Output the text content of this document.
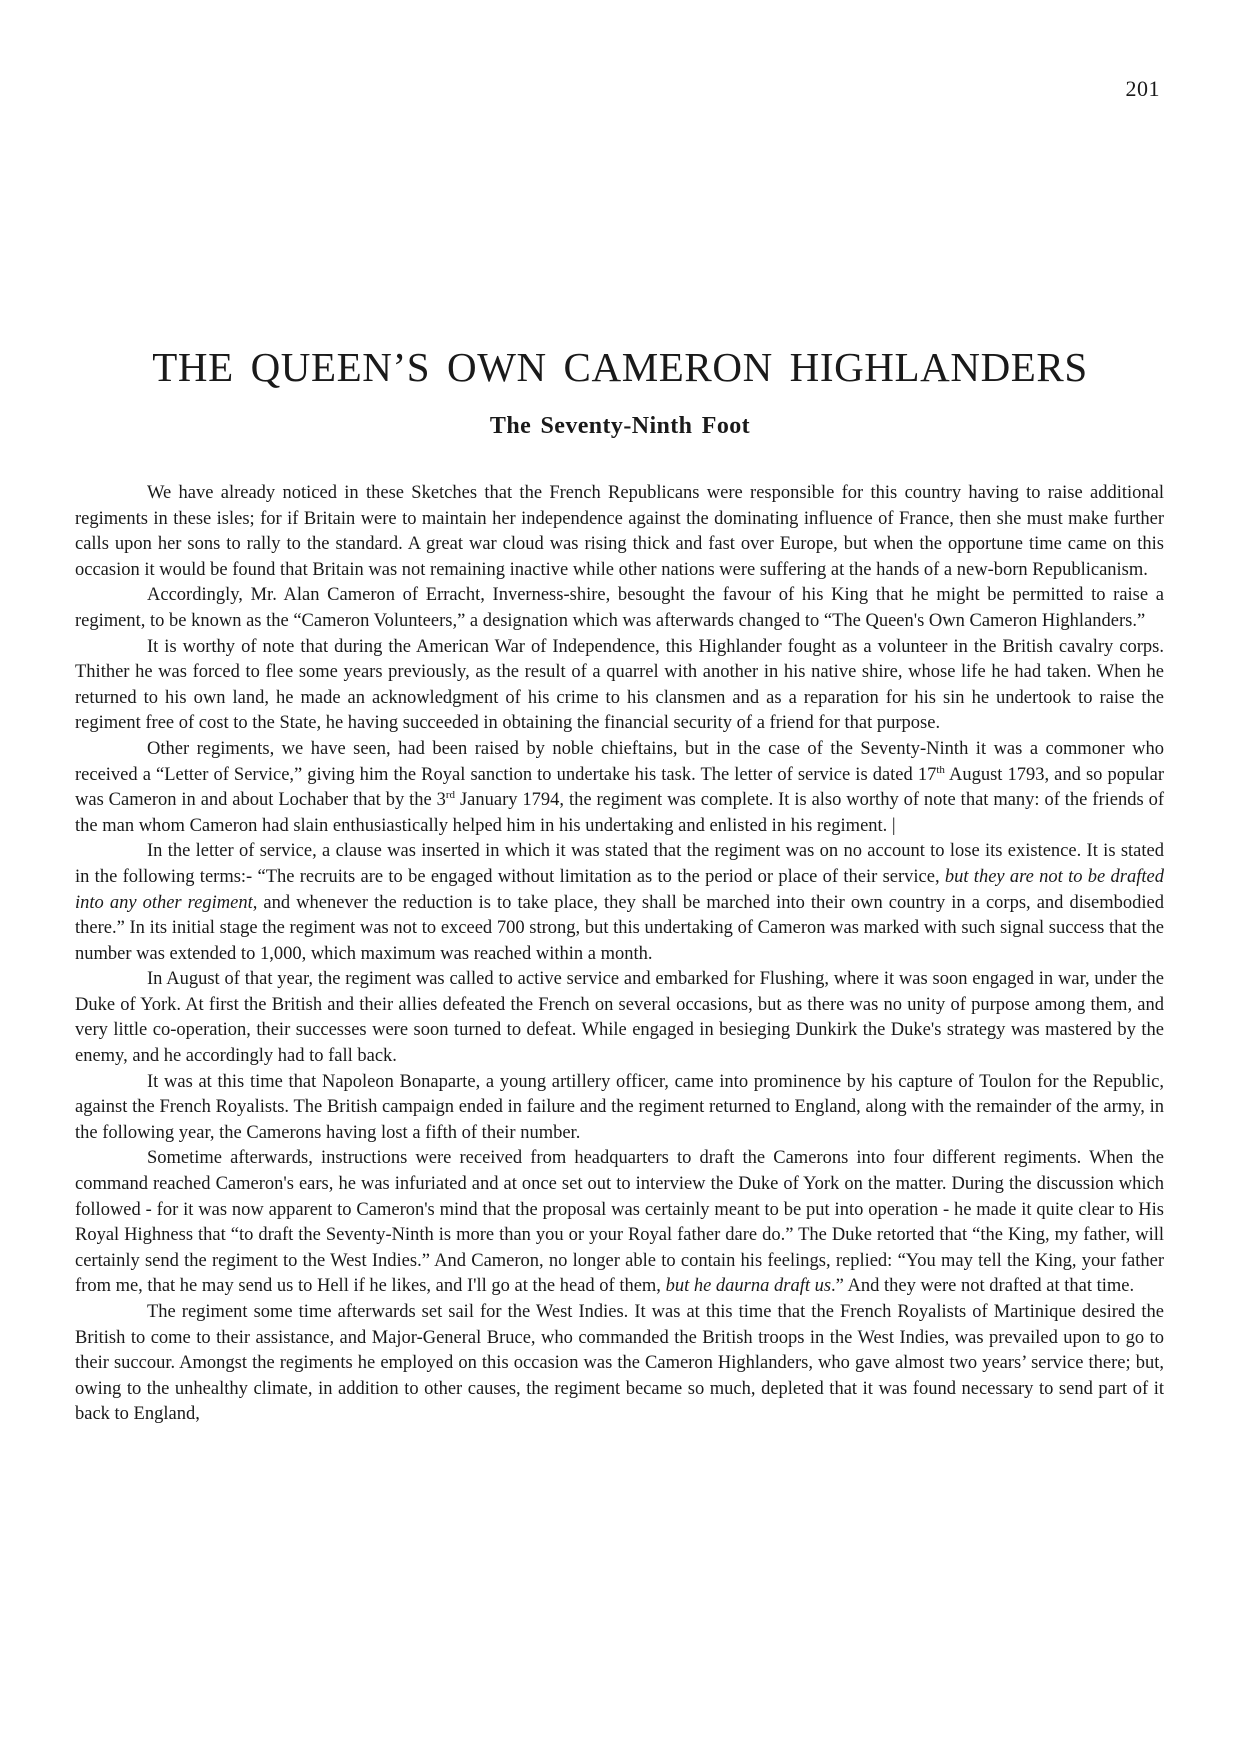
201
THE QUEEN’S OWN CAMERON HIGHLANDERS
The Seventy-Ninth Foot

We have already noticed in these Sketches that the French Republicans were responsible for this country having to raise additional regiments in these isles; for if Britain were to maintain her independence against the dominating influence of France, then she must make further calls upon her sons to rally to the standard. A great war cloud was rising thick and fast over Europe, but when the opportune time came on this occasion it would be found that Britain was not remaining inactive while other nations were suffering at the hands of a new-born Republicanism.

Accordingly, Mr. Alan Cameron of Erracht, Inverness-shire, besought the favour of his King that he might be permitted to raise a regiment, to be known as the “Cameron Volunteers,” a designation which was afterwards changed to “The Queen's Own Cameron Highlanders.”

It is worthy of note that during the American War of Independence, this Highlander fought as a volunteer in the British cavalry corps. Thither he was forced to flee some years previously, as the result of a quarrel with another in his native shire, whose life he had taken. When he returned to his own land, he made an acknowledgment of his crime to his clansmen and as a reparation for his sin he undertook to raise the regiment free of cost to the State, he having succeeded in obtaining the financial security of a friend for that purpose.

Other regiments, we have seen, had been raised by noble chieftains, but in the case of the Seventy-Ninth it was a commoner who received a “Letter of Service,” giving him the Royal sanction to undertake his task. The letter of service is dated 17th August 1793, and so popular was Cameron in and about Lochaber that by the 3rd January 1794, the regiment was complete. It is also worthy of note that many: of the friends of the man whom Cameron had slain enthusiastically helped him in his undertaking and enlisted in his regiment. |

In the letter of service, a clause was inserted in which it was stated that the regiment was on no account to lose its existence. It is stated in the following terms:- “The recruits are to be engaged without limitation as to the period or place of their service, but they are not to be drafted into any other regiment, and whenever the reduction is to take place, they shall be marched into their own country in a corps, and disembodied there.” In its initial stage the regiment was not to exceed 700 strong, but this undertaking of Cameron was marked with such signal success that the number was extended to 1,000, which maximum was reached within a month.

In August of that year, the regiment was called to active service and embarked for Flushing, where it was soon engaged in war, under the Duke of York. At first the British and their allies defeated the French on several occasions, but as there was no unity of purpose among them, and very little co-operation, their successes were soon turned to defeat. While engaged in besieging Dunkirk the Duke's strategy was mastered by the enemy, and he accordingly had to fall back.

It was at this time that Napoleon Bonaparte, a young artillery officer, came into prominence by his capture of Toulon for the Republic, against the French Royalists. The British campaign ended in failure and the regiment returned to England, along with the remainder of the army, in the following year, the Camerons having lost a fifth of their number.

Sometime afterwards, instructions were received from headquarters to draft the Camerons into four different regiments. When the command reached Cameron's ears, he was infuriated and at once set out to interview the Duke of York on the matter. During the discussion which followed - for it was now apparent to Cameron's mind that the proposal was certainly meant to be put into operation - he made it quite clear to His Royal Highness that “to draft the Seventy-Ninth is more than you or your Royal father dare do.” The Duke retorted that “the King, my father, will certainly send the regiment to the West Indies.” And Cameron, no longer able to contain his feelings, replied: “You may tell the King, your father from me, that he may send us to Hell if he likes, and I'll go at the head of them, but he daurna draft us.” And they were not drafted at that time.

The regiment some time afterwards set sail for the West Indies. It was at this time that the French Royalists of Martinique desired the British to come to their assistance, and Major-General Bruce, who commanded the British troops in the West Indies, was prevailed upon to go to their succour. Amongst the regiments he employed on this occasion was the Cameron Highlanders, who gave almost two years’ service there; but, owing to the unhealthy climate, in addition to other causes, the regiment became so much, depleted that it was found necessary to send part of it back to England,
